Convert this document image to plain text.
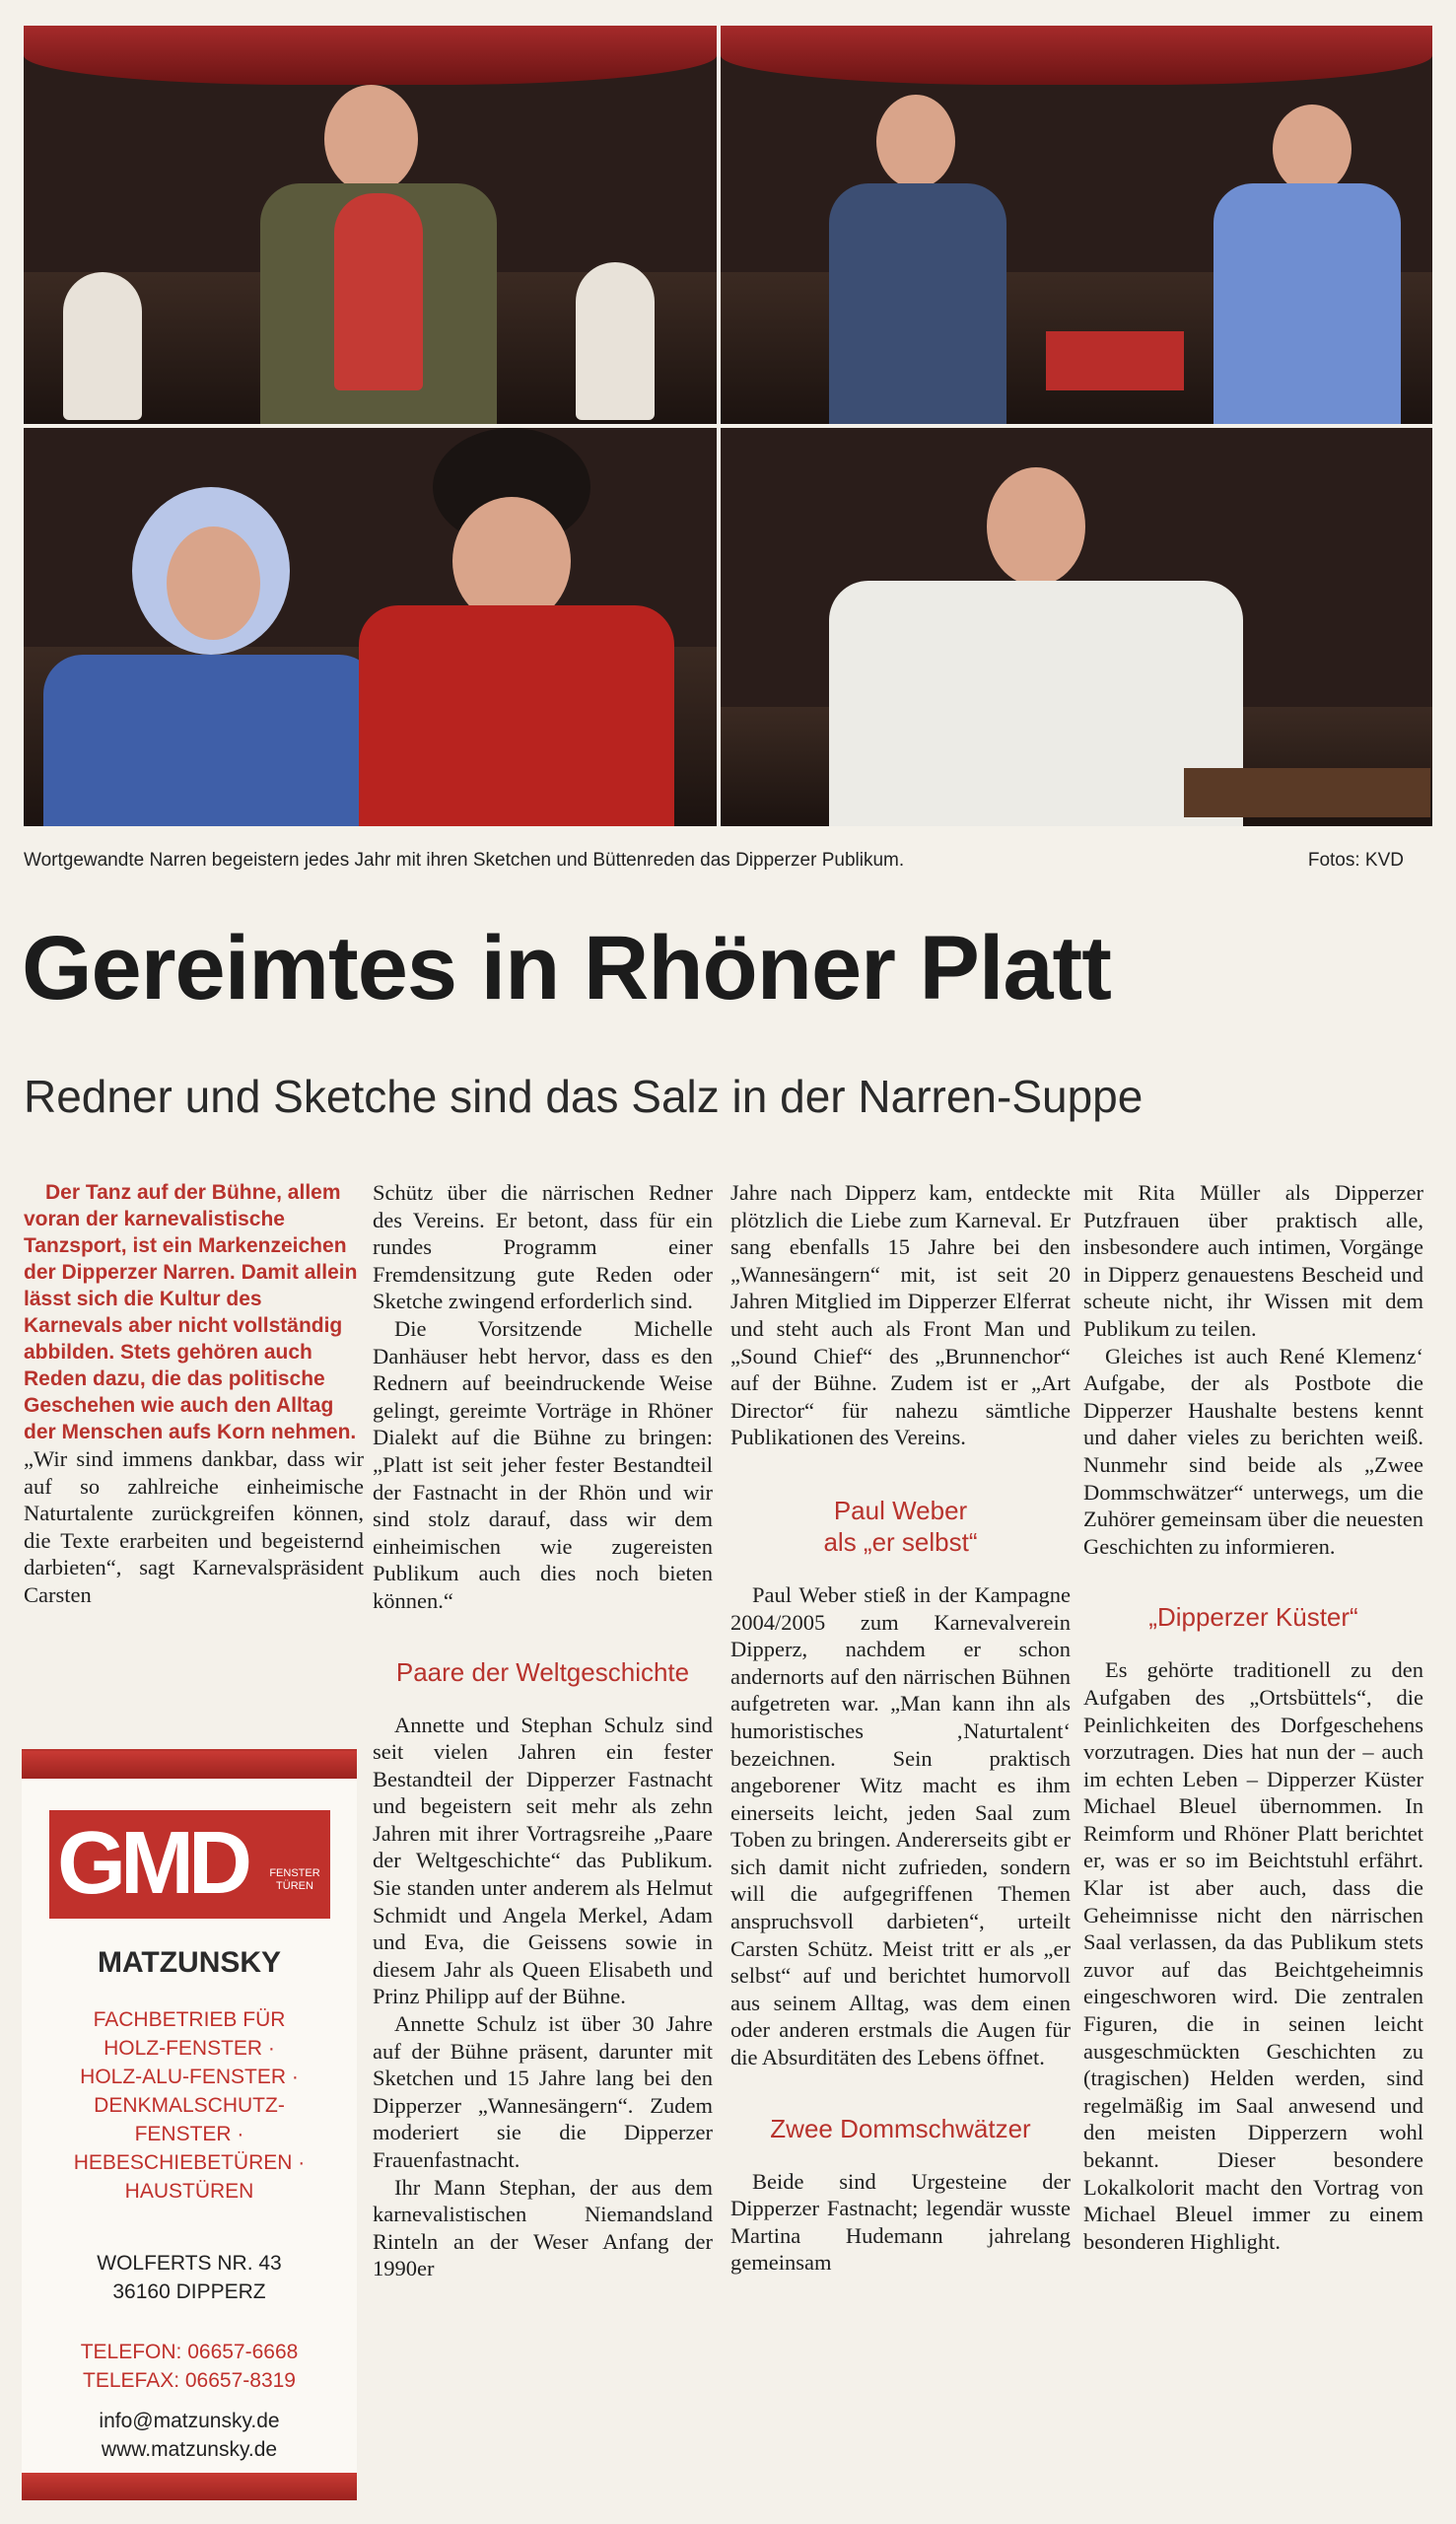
Wortgewandte Narren begeistern jedes Jahr mit ihren Sketchen und Büttenreden das Dipperzer Publikum.	Fotos: KVD
Gereimtes in Rhöner Platt
Redner und Sketche sind das Salz in der Narren-Suppe

Der Tanz auf der Bühne, allem voran der karnevalistische Tanzsport, ist ein Markenzeichen der Dipperzer Narren. Damit allein lässt sich die Kultur des Karnevals aber nicht vollständig abbilden. Stets gehören auch Reden dazu, die das politische Geschehen wie auch den Alltag der Menschen aufs Korn nehmen.

„Wir sind immens dankbar, dass wir auf so zahlreiche einheimische Naturtalente zurückgreifen können, die Texte erarbeiten und begeisternd darbieten“, sagt Karnevalspräsident Carsten

GMD FENSTER
TÜREN
MATZUNSKY
FACHBETRIEB FÜR
HOLZ-FENSTER ·
HOLZ-ALU-FENSTER ·
DENKMALSCHUTZ-
FENSTER ·
HEBESCHIEBETÜREN ·
HAUSTÜREN
WOLFERTS NR. 43
36160 DIPPERZ
TELEFON: 06657-6668
TELEFAX: 06657-8319
info@matzunsky.de
www.matzunsky.de

Schütz über die närrischen Redner des Vereins. Er betont, dass für ein rundes Programm einer Fremdensitzung gute Reden oder Sketche zwingend erforderlich sind.

Die Vorsitzende Michelle Danhäuser hebt hervor, dass es den Rednern auf beeindruckende Weise gelingt, gereimte Vorträge in Rhöner Dialekt auf die Bühne zu bringen: „Platt ist seit jeher fester Bestandteil der Fastnacht in der Rhön und wir sind stolz darauf, dass wir dem einheimischen wie zugereisten Publikum auch dies noch bieten können.“

Paare der Weltgeschichte

Annette und Stephan Schulz sind seit vielen Jahren ein fester Bestandteil der Dipperzer Fastnacht und begeistern seit mehr als zehn Jahren mit ihrer Vortragsreihe „Paare der Weltgeschichte“ das Publikum. Sie standen unter anderem als Helmut Schmidt und Angela Merkel, Adam und Eva, die Geissens sowie in diesem Jahr als Queen Elisabeth und Prinz Philipp auf der Bühne.

Annette Schulz ist über 30 Jahre auf der Bühne präsent, darunter mit Sketchen und 15 Jahre lang bei den Dipperzer „Wannesängern“. Zudem moderiert sie die Dipperzer Frauenfastnacht.

Ihr Mann Stephan, der aus dem karnevalistischen Niemandsland Rinteln an der Weser Anfang der 1990er

Jahre nach Dipperz kam, entdeckte plötzlich die Liebe zum Karneval. Er sang ebenfalls 15 Jahre bei den „Wannesängern“ mit, ist seit 20 Jahren Mitglied im Dipperzer Elferrat und steht auch als Front Man und „Sound Chief“ des „Brunnenchor“ auf der Bühne. Zudem ist er „Art Director“ für nahezu sämtliche Publikationen des Vereins.

Paul Weber
als „er selbst“

Paul Weber stieß in der Kampagne 2004/2005 zum Karnevalverein Dipperz, nachdem er schon andernorts auf den närrischen Bühnen aufgetreten war. „Man kann ihn als humoristisches ‚Naturtalent‘ bezeichnen. Sein praktisch angeborener Witz macht es ihm einerseits leicht, jeden Saal zum Toben zu bringen. Andererseits gibt er sich damit nicht zufrieden, sondern will die aufgegriffenen Themen anspruchsvoll darbieten“, urteilt Carsten Schütz. Meist tritt er als „er selbst“ auf und berichtet humorvoll aus seinem Alltag, was dem einen oder anderen erstmals die Augen für die Absurditäten des Lebens öffnet.

Zwee Dommschwätzer

Beide sind Urgesteine der Dipperzer Fastnacht; legendär wusste Martina Hudemann jahrelang gemeinsam

mit Rita Müller als Dipperzer Putzfrauen über praktisch alle, insbesondere auch intimen, Vorgänge in Dipperz genauestens Bescheid und scheute nicht, ihr Wissen mit dem Publikum zu teilen.

Gleiches ist auch René Klemenz‘ Aufgabe, der als Postbote die Dipperzer Haushalte bestens kennt und daher vieles zu berichten weiß. Nunmehr sind beide als „Zwee Dommschwätzer“ unterwegs, um die Zuhörer gemeinsam über die neuesten Geschichten zu informieren.

„Dipperzer Küster“

Es gehörte traditionell zu den Aufgaben des „Ortsbüttels“, die Peinlichkeiten des Dorfgeschehens vorzutragen. Dies hat nun der – auch im echten Leben – Dipperzer Küster Michael Bleuel übernommen. In Reimform und Rhöner Platt berichtet er, was er so im Beichtstuhl erfährt. Klar ist aber auch, dass die Geheimnisse nicht den närrischen Saal verlassen, da das Publikum stets zuvor auf das Beichtgeheimnis eingeschworen wird. Die zentralen Figuren, die in seinen leicht ausgeschmückten Geschichten zu (tragischen) Helden werden, sind regelmäßig im Saal anwesend und den meisten Dipperzern wohl bekannt. Dieser besondere Lokalkolorit macht den Vortrag von Michael Bleuel immer zu einem besonderen Highlight.
